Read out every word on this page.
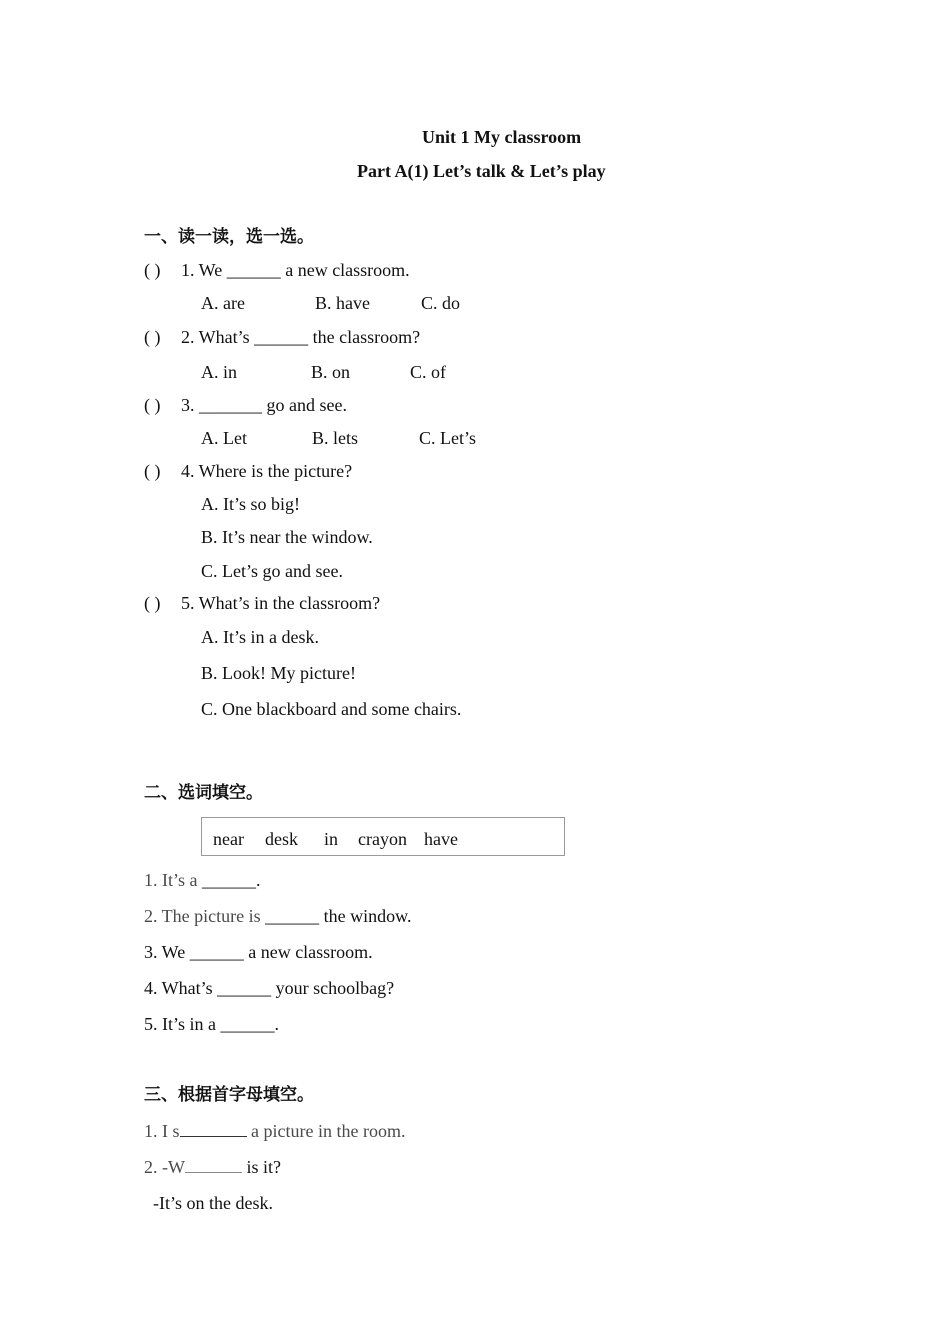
Unit 1 My classroom
Part A(1) Let’s talk & Let’s play
一、读一读，选一选。
( ) 1. We ______ a new classroom.
A. are	B. have	C. do
( ) 2. What’s ______ the classroom?
A. in	B. on	C. of
( ) 3. _______ go and see.
A. Let	B. lets	C. Let’s
( ) 4. Where is the picture?
A. It’s so big!
B. It’s near the window.
C. Let’s go and see.
( ) 5. What’s in the classroom?
A. It’s in a desk.
B. Look! My picture!
C. One blackboard and some chairs.
二、选词填空。
near desk in crayon have
1. It’s a ______.
2. The picture is ______ the window.
3. We ______ a new classroom.
4. What’s ______ your schoolbag?
5. It’s in a ______.
三、根据首字母填空。
1. I s	a picture in the room.
2. -W	is it?
-It’s on the desk.
